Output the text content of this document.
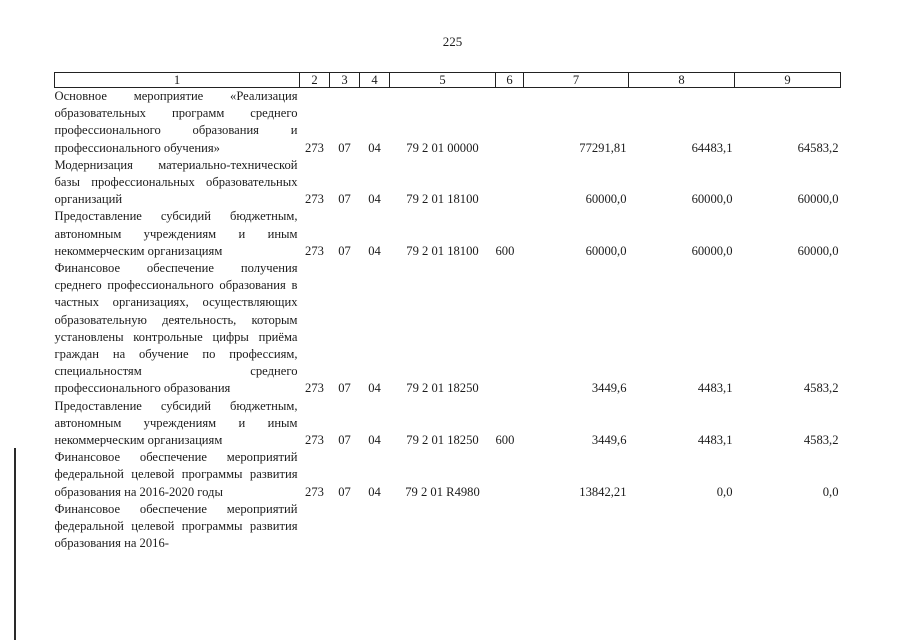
225
1	2	3	4	5	6	7	8	9
Основное мероприятие «Реализация образовательных программ среднего профессионального образования и профессионального обучения»	273	07	04	79 2 01 00000		77291,81	64483,1	64583,2
Модернизация материально-технической базы профессиональных образовательных организаций	273	07	04	79 2 01 18100		60000,0	60000,0	60000,0
Предоставление субсидий бюджетным, автономным учреждениям и иным некоммерческим организациям	273	07	04	79 2 01 18100	600	60000,0	60000,0	60000,0
Финансовое обеспечение получения среднего профессионального образования в частных организациях, осуществляющих образовательную деятельность, которым установлены контрольные цифры приёма граждан на обучение по профессиям, специальностям среднего профессионального образования	273	07	04	79 2 01 18250		3449,6	4483,1	4583,2
Предоставление субсидий бюджетным, автономным учреждениям и иным некоммерческим организациям	273	07	04	79 2 01 18250	600	3449,6	4483,1	4583,2
Финансовое обеспечение мероприятий федеральной целевой программы развития образования на 2016-2020 годы	273	07	04	79 2 01 R4980		13842,21	0,0	0,0
Финансовое обеспечение мероприятий федеральной целевой программы развития образования на 2016-								
